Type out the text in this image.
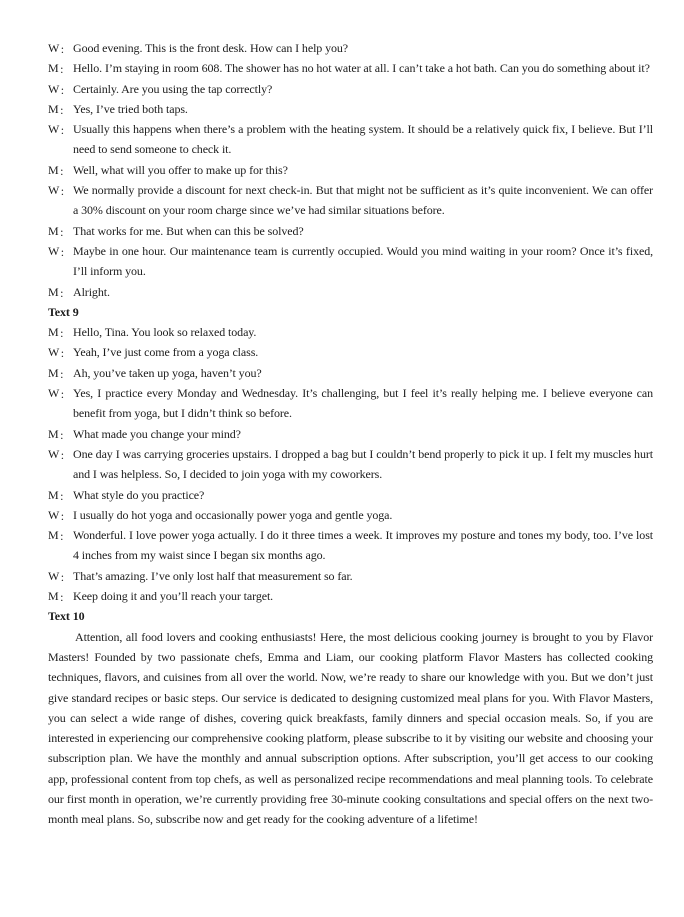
W : Good evening. This is the front desk. How can I help you?

M : Hello. I’m staying in room 608. The shower has no hot water at all. I can’t take a hot bath. Can you do something about it?

W : Certainly. Are you using the tap correctly?

M : Yes, I’ve tried both taps.

W : Usually this happens when there’s a problem with the heating system. It should be a relatively quick fix, I believe. But I’ll need to send someone to check it.

M : Well, what will you offer to make up for this?

W : We normally provide a discount for next check-in. But that might not be sufficient as it’s quite inconvenient. We can offer a 30% discount on your room charge since we’ve had similar situations before.

M : That works for me. But when can this be solved?

W : Maybe in one hour. Our maintenance team is currently occupied. Would you mind waiting in your room? Once it’s fixed, I’ll inform you.

M : Alright.

Text 9

M : Hello, Tina. You look so relaxed today.

W : Yeah, I’ve just come from a yoga class.

M : Ah, you’ve taken up yoga, haven’t you?

W : Yes, I practice every Monday and Wednesday. It’s challenging, but I feel it’s really helping me. I believe everyone can benefit from yoga, but I didn’t think so before.

M : What made you change your mind?

W : One day I was carrying groceries upstairs. I dropped a bag but I couldn’t bend properly to pick it up. I felt my muscles hurt and I was helpless. So, I decided to join yoga with my coworkers.

M : What style do you practice?

W : I usually do hot yoga and occasionally power yoga and gentle yoga.

M : Wonderful. I love power yoga actually. I do it three times a week. It improves my posture and tones my body, too. I’ve lost 4 inches from my waist since I began six months ago.

W : That’s amazing. I’ve only lost half that measurement so far.

M : Keep doing it and you’ll reach your target.

Text 10

Attention, all food lovers and cooking enthusiasts! Here, the most delicious cooking journey is brought to you by Flavor Masters! Founded by two passionate chefs, Emma and Liam, our cooking platform Flavor Masters has collected cooking techniques, flavors, and cuisines from all over the world. Now, we’re ready to share our knowledge with you. But we don’t just give standard recipes or basic steps. Our service is dedicated to designing customized meal plans for you. With Flavor Masters, you can select a wide range of dishes, covering quick breakfasts, family dinners and special occasion meals. So, if you are interested in experiencing our comprehensive cooking platform, please subscribe to it by visiting our website and choosing your subscription plan. We have the monthly and annual subscription options. After subscription, you’ll get access to our cooking app, professional content from top chefs, as well as personalized recipe recommendations and meal planning tools. To celebrate our first month in operation, we’re currently providing free 30-minute cooking consultations and special offers on the next two-month meal plans. So, subscribe now and get ready for the cooking adventure of a lifetime!
